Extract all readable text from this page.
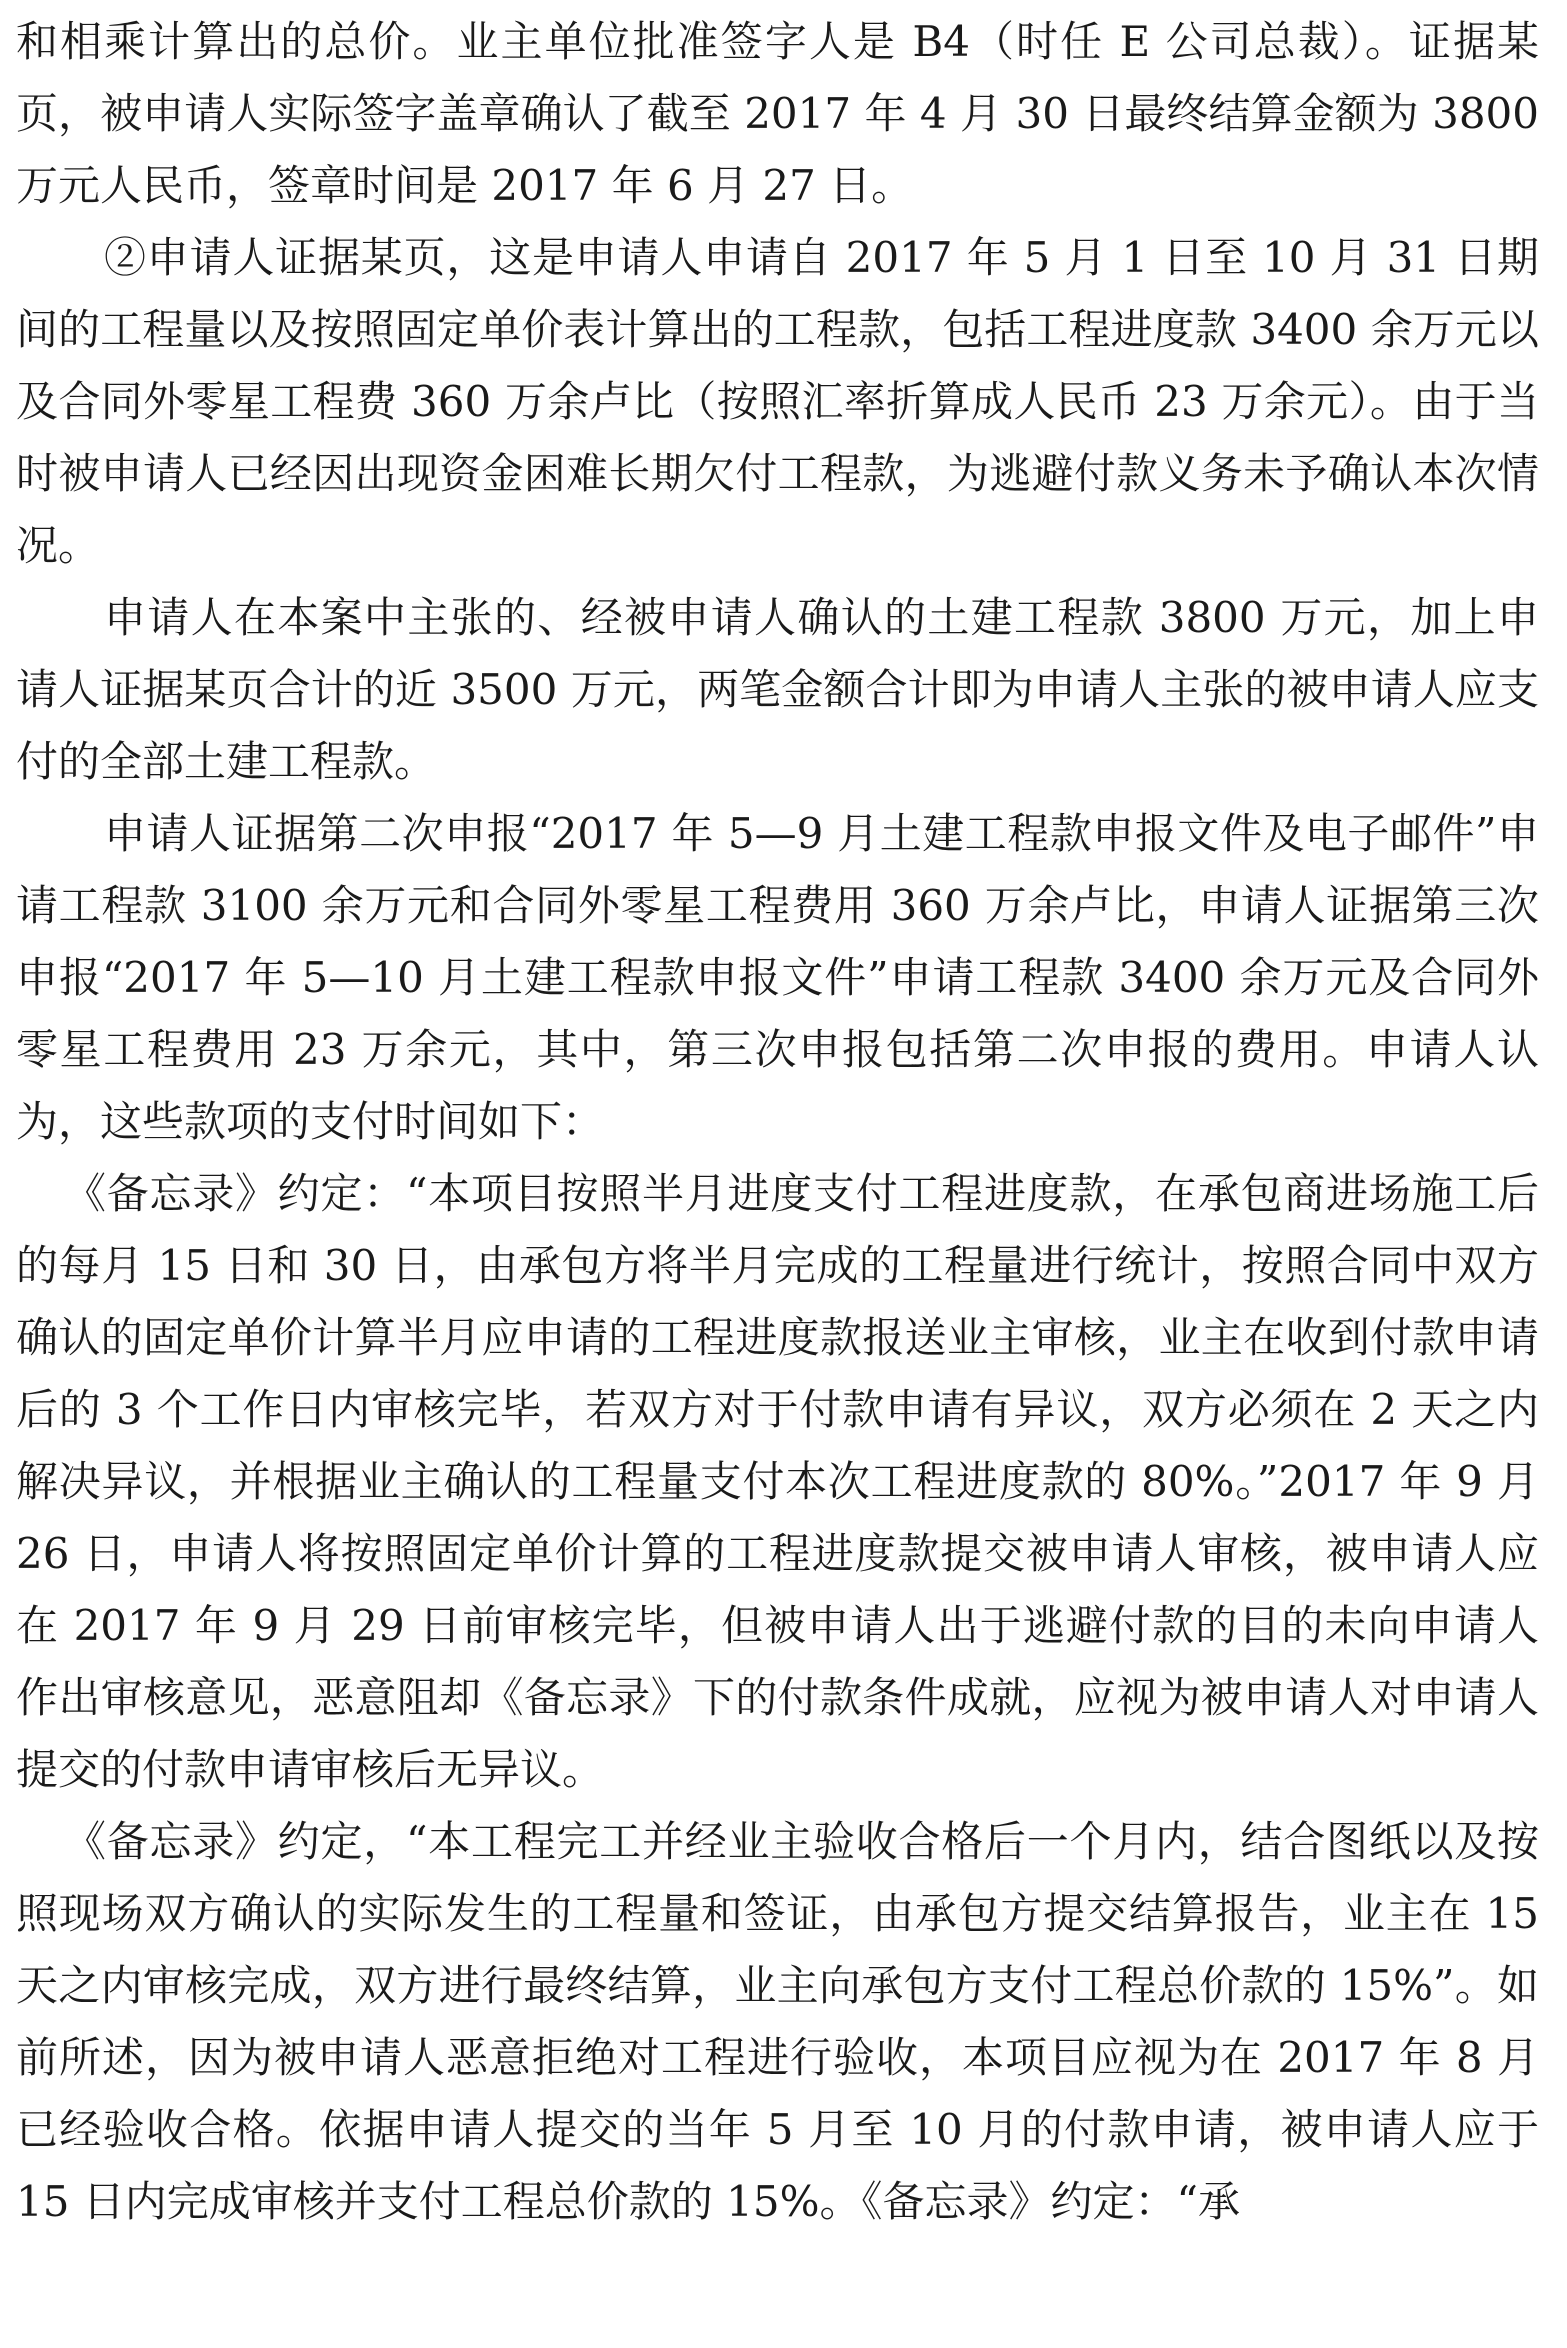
和相乘计算出的总价。业主单位批准签字人是 B4（时任 E 公司总裁）。证据某页，被申请人实际签字盖章确认了截至 2017 年 4 月 30 日最终结算金额为 3800 万元人民币，签章时间是 2017 年 6 月 27 日。

②申请人证据某页，这是申请人申请自 2017 年 5 月 1 日至 10 月 31 日期间的工程量以及按照固定单价表计算出的工程款，包括工程进度款 3400 余万元以及合同外零星工程费 360 万余卢比（按照汇率折算成人民币 23 万余元）。由于当时被申请人已经因出现资金困难长期欠付工程款，为逃避付款义务未予确认本次情况。

申请人在本案中主张的、经被申请人确认的土建工程款 3800 万元，加上申请人证据某页合计的近 3500 万元，两笔金额合计即为申请人主张的被申请人应支付的全部土建工程款。

申请人证据第二次申报“2017 年 5—9 月土建工程款申报文件及电子邮件”申请工程款 3100 余万元和合同外零星工程费用 360 万余卢比，申请人证据第三次申报“2017 年 5—10 月土建工程款申报文件”申请工程款 3400 余万元及合同外零星工程费用 23 万余元，其中，第三次申报包括第二次申报的费用。申请人认为，这些款项的支付时间如下：

《备忘录》约定：“本项目按照半月进度支付工程进度款，在承包商进场施工后的每月 15 日和 30 日，由承包方将半月完成的工程量进行统计，按照合同中双方确认的固定单价计算半月应申请的工程进度款报送业主审核，业主在收到付款申请后的 3 个工作日内审核完毕，若双方对于付款申请有异议，双方必须在 2 天之内解决异议，并根据业主确认的工程量支付本次工程进度款的 80%。”2017 年 9 月 26 日，申请人将按照固定单价计算的工程进度款提交被申请人审核，被申请人应在 2017 年 9 月 29 日前审核完毕，但被申请人出于逃避付款的目的未向申请人作出审核意见，恶意阻却《备忘录》下的付款条件成就，应视为被申请人对申请人提交的付款申请审核后无异议。

《备忘录》约定，“本工程完工并经业主验收合格后一个月内，结合图纸以及按照现场双方确认的实际发生的工程量和签证，由承包方提交结算报告，业主在 15 天之内审核完成，双方进行最终结算，业主向承包方支付工程总价款的 15%”。如前所述，因为被申请人恶意拒绝对工程进行验收，本项目应视为在 2017 年 8 月已经验收合格。依据申请人提交的当年 5 月至 10 月的付款申请，被申请人应于 15 日内完成审核并支付工程总价款的 15%。《备忘录》约定：“承
